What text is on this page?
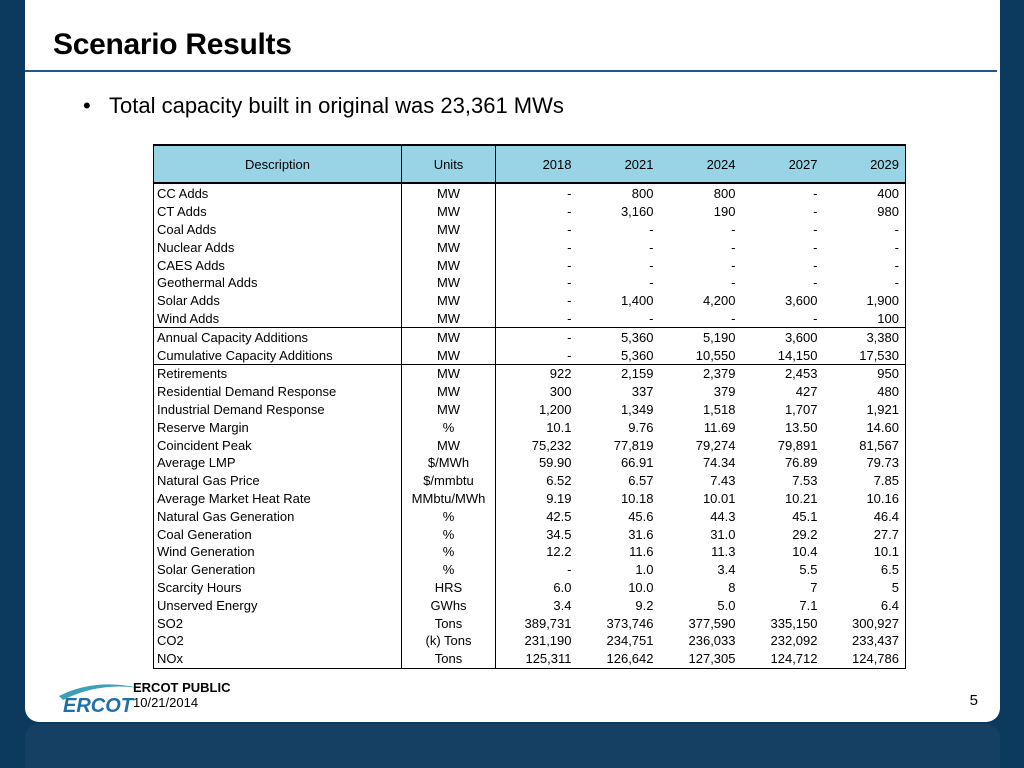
Scenario Results
• Total capacity built in original was 23,361 MWs
Description	Units	2018	2021	2024	2027	2029
CC Adds	MW	-	800	800	-	400
CT Adds	MW	-	3,160	190	-	980
Coal Adds	MW	-	-	-	-	-
Nuclear Adds	MW	-	-	-	-	-
CAES Adds	MW	-	-	-	-	-
Geothermal Adds	MW	-	-	-	-	-
Solar Adds	MW	-	1,400	4,200	3,600	1,900
Wind Adds	MW	-	-	-	-	100
Annual Capacity Additions	MW	-	5,360	5,190	3,600	3,380
Cumulative Capacity Additions	MW	-	5,360	10,550	14,150	17,530
Retirements	MW	922	2,159	2,379	2,453	950
Residential Demand Response	MW	300	337	379	427	480
Industrial Demand Response	MW	1,200	1,349	1,518	1,707	1,921
Reserve Margin	%	10.1	9.76	11.69	13.50	14.60
Coincident Peak	MW	75,232	77,819	79,274	79,891	81,567
Average LMP	$/MWh	59.90	66.91	74.34	76.89	79.73
Natural Gas Price	$/mmbtu	6.52	6.57	7.43	7.53	7.85
Average Market Heat Rate	MMbtu/MWh	9.19	10.18	10.01	10.21	10.16
Natural Gas Generation	%	42.5	45.6	44.3	45.1	46.4
Coal Generation	%	34.5	31.6	31.0	29.2	27.7
Wind Generation	%	12.2	11.6	11.3	10.4	10.1
Solar Generation	%	-	1.0	3.4	5.5	6.5
Scarcity Hours	HRS	6.0	10.0	8	7	5
Unserved Energy	GWhs	3.4	9.2	5.0	7.1	6.4
SO2	Tons	389,731	373,746	377,590	335,150	300,927
CO2	(k) Tons	231,190	234,751	236,033	232,092	233,437
NOx	Tons	125,311	126,642	127,305	124,712	124,786
ERCOT
ERCOT PUBLIC
10/21/2014	5
